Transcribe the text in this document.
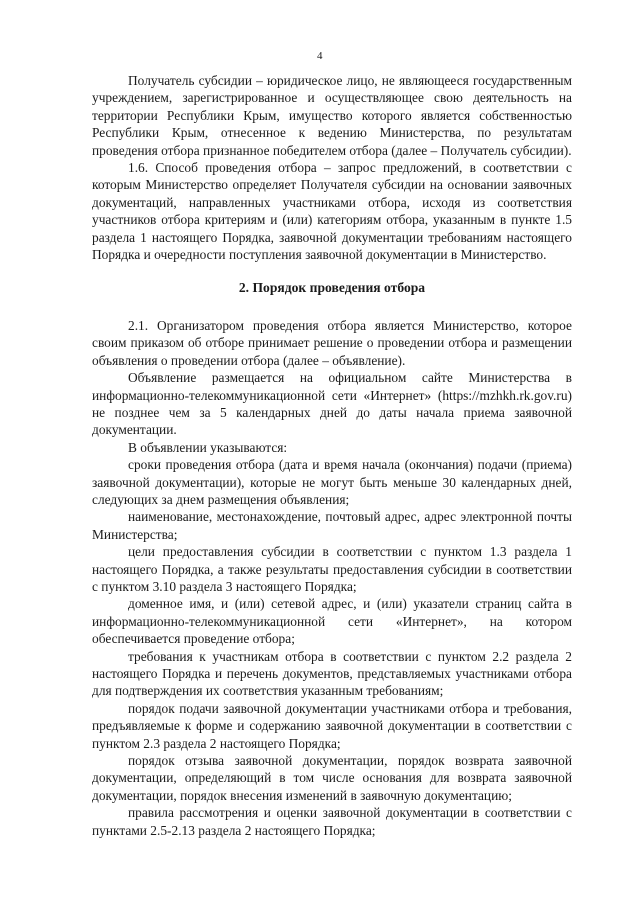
4

Получатель субсидии – юридическое лицо, не являющееся государственным учреждением, зарегистрированное и осуществляющее свою деятельность на территории Республики Крым, имущество которого является собственностью Республики Крым, отнесенное к ведению Министерства, по результатам проведения отбора признанное победителем отбора (далее – Получатель субсидии).

1.6. Способ проведения отбора – запрос предложений, в соответствии с которым Министерство определяет Получателя субсидии на основании заявочных документаций, направленных участниками отбора, исходя из соответствия участников отбора критериям и (или) категориям отбора, указанным в пункте 1.5 раздела 1 настоящего Порядка, заявочной документации требованиям настоящего Порядка и очередности поступления заявочной документации в Министерство.

2. Порядок проведения отбора

2.1. Организатором проведения отбора является Министерство, которое своим приказом об отборе принимает решение о проведении отбора и размещении объявления о проведении отбора (далее – объявление).

Объявление размещается на официальном сайте Министерства в информационно-телекоммуникационной сети «Интернет» (https://mzhkh.rk.gov.ru) не позднее чем за 5 календарных дней до даты начала приема заявочной документации.

В объявлении указываются:

сроки проведения отбора (дата и время начала (окончания) подачи (приема) заявочной документации), которые не могут быть меньше 30 календарных дней, следующих за днем размещения объявления;

наименование, местонахождение, почтовый адрес, адрес электронной почты Министерства;

цели предоставления субсидии в соответствии с пунктом 1.3 раздела 1 настоящего Порядка, а также результаты предоставления субсидии в соответствии с пунктом 3.10 раздела 3 настоящего Порядка;

доменное имя, и (или) сетевой адрес, и (или) указатели страниц сайта в информационно-телекоммуникационной сети «Интернет», на котором обеспечивается проведение отбора;

требования к участникам отбора в соответствии с пунктом 2.2 раздела 2 настоящего Порядка и перечень документов, представляемых участниками отбора для подтверждения их соответствия указанным требованиям;

порядок подачи заявочной документации участниками отбора и требования, предъявляемые к форме и содержанию заявочной документации в соответствии с пунктом 2.3 раздела 2 настоящего Порядка;

порядок отзыва заявочной документации, порядок возврата заявочной документации, определяющий в том числе основания для возврата заявочной документации, порядок внесения изменений в заявочную документацию;

правила рассмотрения и оценки заявочной документации в соответствии с пунктами 2.5-2.13 раздела 2 настоящего Порядка;
